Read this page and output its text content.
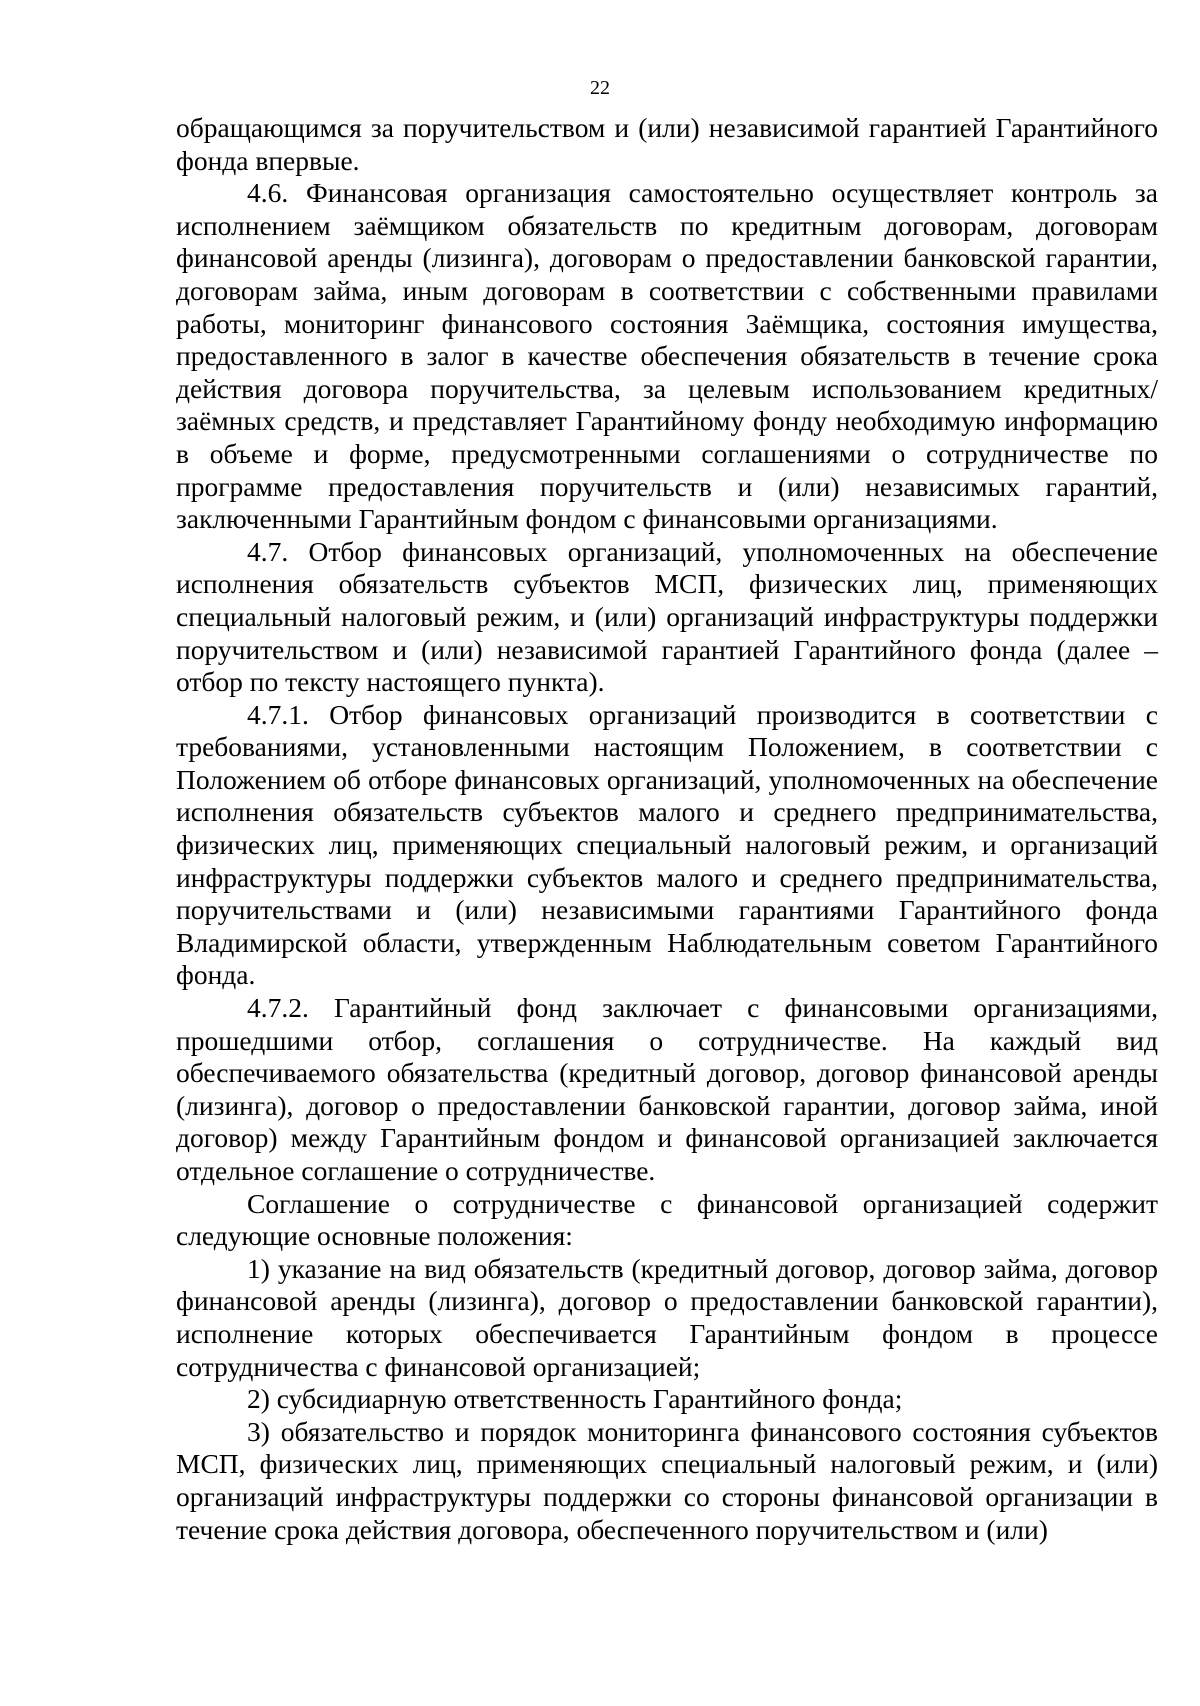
22

обращающимся за поручительством и (или) независимой гарантией Гарантийного фонда впервые.

4.6. Финансовая организация самостоятельно осуществляет контроль за исполнением заёмщиком обязательств по кредитным договорам, договорам финансовой аренды (лизинга), договорам о предоставлении банковской гарантии, договорам займа, иным договорам в соответствии с собственными правилами работы, мониторинг финансового состояния Заёмщика, состояния имущества, предоставленного в залог в качестве обеспечения обязательств в течение срока действия договора поручительства, за целевым использованием кредитных/заёмных средств, и представляет Гарантийному фонду необходимую информацию в объеме и форме, предусмотренными соглашениями о сотрудничестве по программе предоставления поручительств и (или) независимых гарантий, заключенными Гарантийным фондом с финансовыми организациями.

4.7. Отбор финансовых организаций, уполномоченных на обеспечение исполнения обязательств субъектов МСП, физических лиц, применяющих специальный налоговый режим, и (или) организаций инфраструктуры поддержки поручительством и (или) независимой гарантией Гарантийного фонда (далее – отбор по тексту настоящего пункта).

4.7.1. Отбор финансовых организаций производится в соответствии с требованиями, установленными настоящим Положением, в соответствии с Положением об отборе финансовых организаций, уполномоченных на обеспечение исполнения обязательств субъектов малого и среднего предпринимательства, физических лиц, применяющих специальный налоговый режим, и организаций инфраструктуры поддержки субъектов малого и среднего предпринимательства, поручительствами и (или) независимыми гарантиями Гарантийного фонда Владимирской области, утвержденным Наблюдательным советом Гарантийного фонда.

4.7.2. Гарантийный фонд заключает с финансовыми организациями, прошедшими отбор, соглашения о сотрудничестве. На каждый вид обеспечиваемого обязательства (кредитный договор, договор финансовой аренды (лизинга), договор о предоставлении банковской гарантии, договор займа, иной договор) между Гарантийным фондом и финансовой организацией заключается отдельное соглашение о сотрудничестве.

Соглашение о сотрудничестве с финансовой организацией содержит следующие основные положения:

1) указание на вид обязательств (кредитный договор, договор займа, договор финансовой аренды (лизинга), договор о предоставлении банковской гарантии), исполнение которых обеспечивается Гарантийным фондом в процессе сотрудничества с финансовой организацией;

2) субсидиарную ответственность Гарантийного фонда;

3) обязательство и порядок мониторинга финансового состояния субъектов МСП, физических лиц, применяющих специальный налоговый режим, и (или) организаций инфраструктуры поддержки со стороны финансовой организации в течение срока действия договора, обеспеченного поручительством и (или)
